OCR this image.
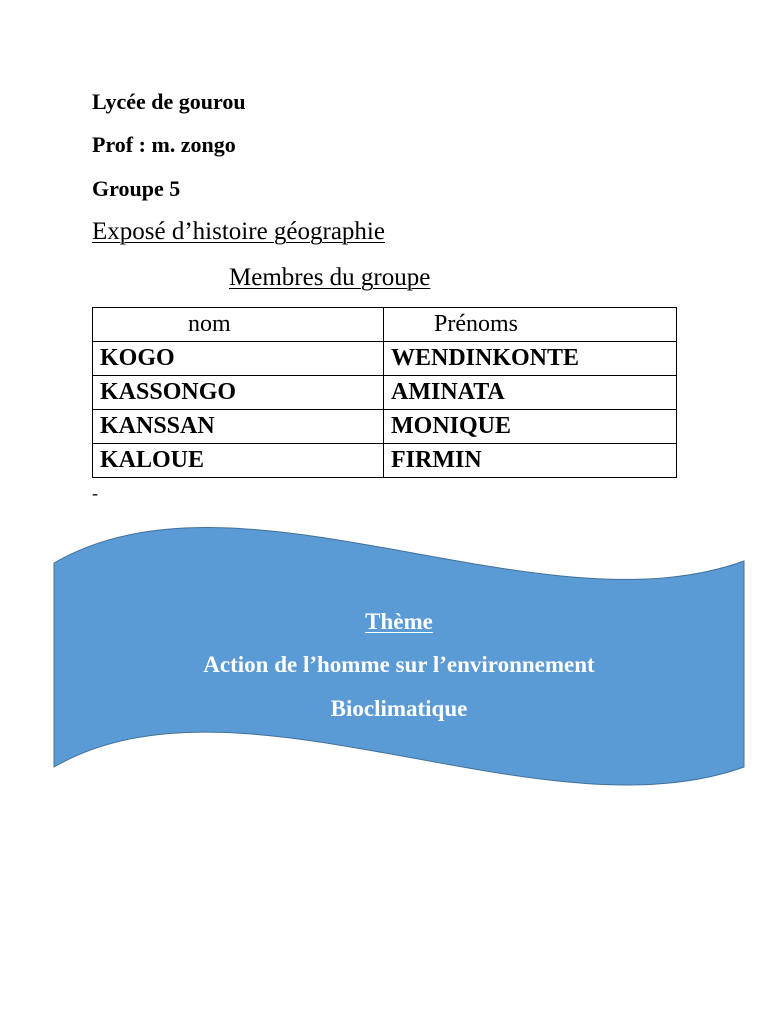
Lycée de gourou
Prof : m. zongo
Groupe 5
Exposé d’histoire géographie
Membres du groupe
nom	Prénoms
KOGO	WENDINKONTE
KASSONGO	AMINATA
KANSSAN	MONIQUE
KALOUE	FIRMIN
-
Thème
Action de l’homme sur l’environnement
Bioclimatique
